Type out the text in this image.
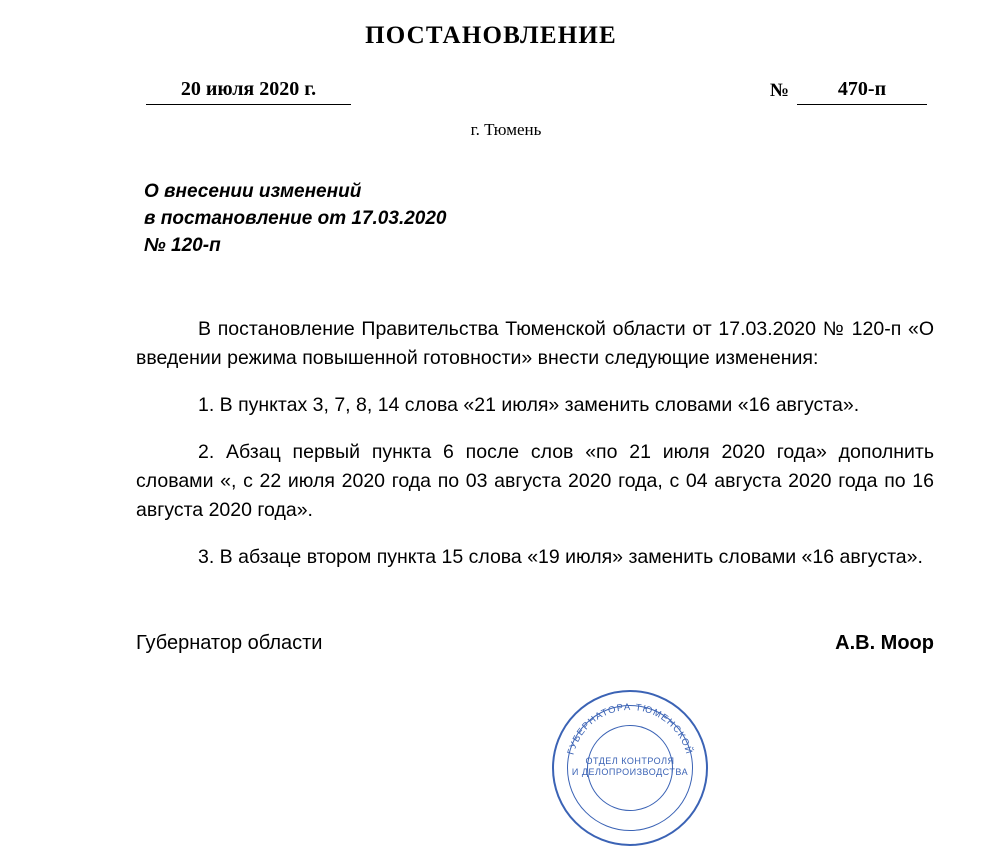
ПОСТАНОВЛЕНИЕ
20 июля 2020 г.	№	470-п
г. Тюмень
О внесении изменений
в постановление от 17.03.2020
№ 120-п

В постановление Правительства Тюменской области от 17.03.2020 № 120-п «О введении режима повышенной готовности» внести следующие изменения:

1. В пунктах 3, 7, 8, 14 слова «21 июля» заменить словами «16 августа».

2. Абзац первый пункта 6 после слов «по 21 июля 2020 года» дополнить словами «, с 22 июля 2020 года по 03 августа 2020 года, с 04 августа 2020 года по 16 августа 2020 года».

3. В абзаце втором пункта 15 слова «19 июля» заменить словами «16 августа».

Губернатор области	А.В. Моор
ГУБЕРНАТОРА ТЮМЕНСКОЙ
ОТДЕЛ КОНТРОЛЯ
И ДЕЛОПРОИЗВОДСТВА
